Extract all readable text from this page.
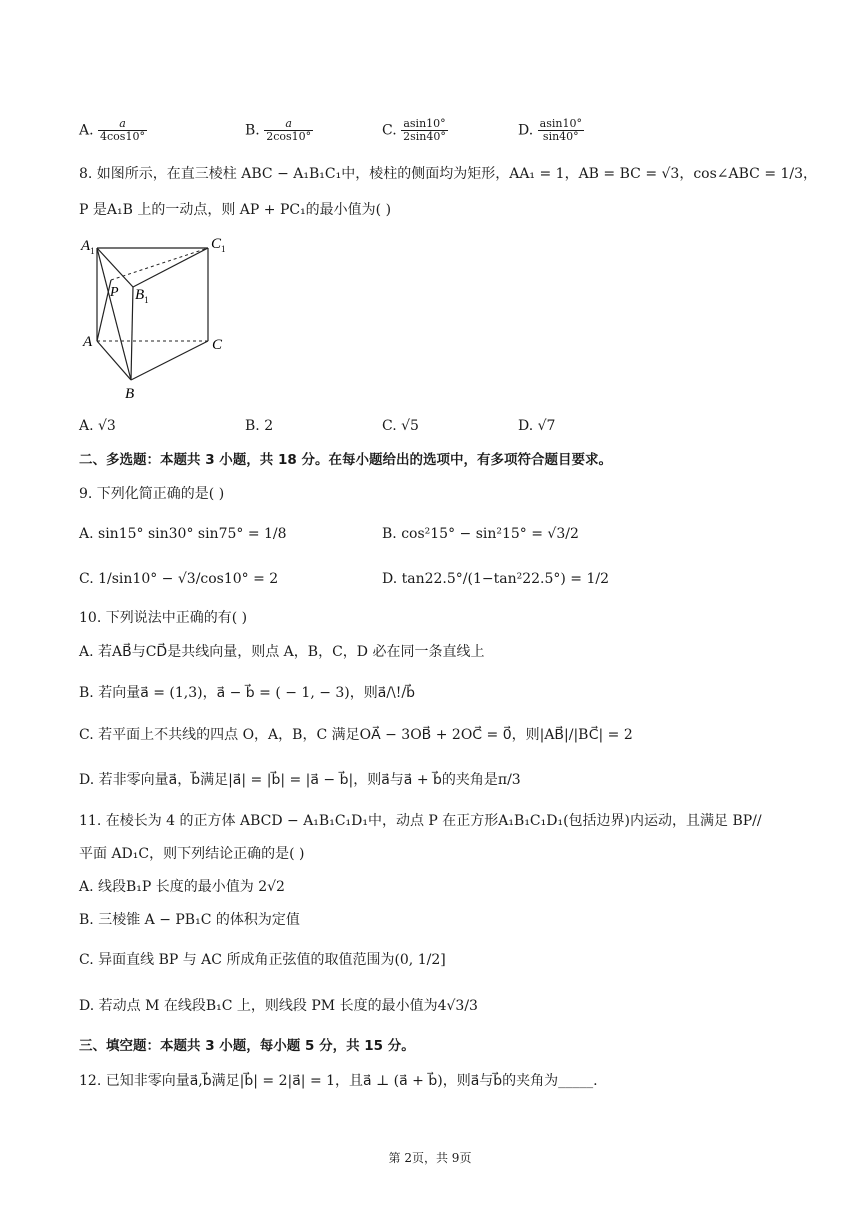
A. $\frac{a}{4\cos 10^\circ}$	B. $\frac{a}{2\cos 10^\circ}$	C. $\frac{asin10^\circ}{2\sin 40^\circ}$	D. $\frac{asin10^\circ}{\sin 40^\circ}$
8. 如图所示，在直三棱柱 ABC − A₁B₁C₁中，棱柱的侧面均为矩形，AA₁ = 1，AB = BC = √3，cos∠ABC = 1/3，
P 是A₁B 上的一动点，则 AP + PC₁的最小值为( )
$A_1$	$C_1$
P $B_1$
A	C
B
A. √3	B. 2	C. √5	D. √7
二、多选题：本题共 3 小题，共 18 分。在每小题给出的选项中，有多项符合题目要求。
9. 下列化简正确的是( )
A. sin15° sin30° sin75° = 1/8	B. cos²15° − sin²15° = √3/2
C. 1/sin10° − √3/cos10° = 2	D. tan22.5°/(1−tan²22.5°) = 1/2
10. 下列说法中正确的有( )
A. 若AB⃗与CD⃗是共线向量，则点 A，B，C，D 必在同一条直线上
B. 若向量a⃗ = (1,3)，a⃗ − b⃗ = ( − 1, − 3)，则a⃗/\!/b⃗
C. 若平面上不共线的四点 O，A，B，C 满足OA⃗ − 3OB⃗ + 2OC⃗ = 0⃗，则|AB⃗|/|BC⃗| = 2
D. 若非零向量a⃗，b⃗满足|a⃗| = |b⃗| = |a⃗ − b⃗|，则a⃗与a⃗ + b⃗的夹角是π/3
11. 在棱长为 4 的正方体 ABCD − A₁B₁C₁D₁中，动点 P 在正方形A₁B₁C₁D₁(包括边界)内运动，且满足 BP//
平面 AD₁C，则下列结论正确的是( )
A. 线段B₁P 长度的最小值为 2√2
B. 三棱锥 A − PB₁C 的体积为定值
C. 异面直线 BP 与 AC 所成角正弦值的取值范围为(0, 1/2]
D. 若动点 M 在线段B₁C 上，则线段 PM 长度的最小值为4√3/3
三、填空题：本题共 3 小题，每小题 5 分，共 15 分。
12. 已知非零向量a⃗,b⃗满足|b⃗| = 2|a⃗| = 1，且a⃗ ⊥ (a⃗ + b⃗)，则a⃗与b⃗的夹角为_____.
第 2页，共 9页
